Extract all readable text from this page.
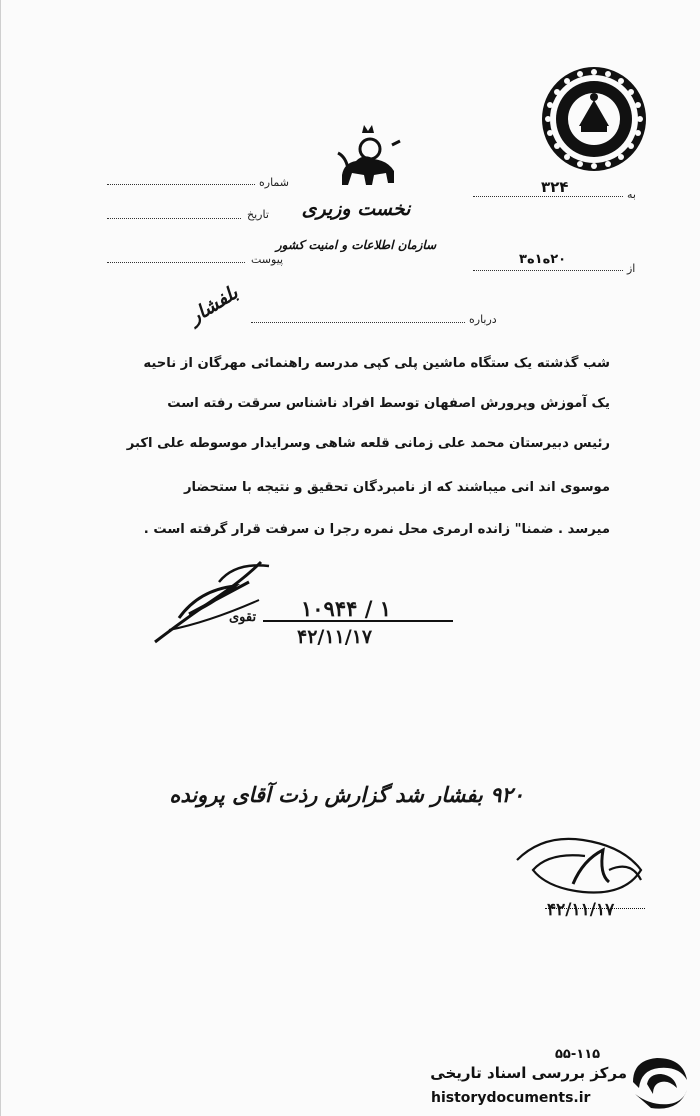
نخست وزیری
سازمان اطلاعات و امنیت کشور
شماره
تاریخ
پیوست
به
۳۲۴
از
۲۰ه۱ه۳
درباره
بلفشار
شب گذشته یک ستگاه ماشین پلی کپی مدرسه راهنمائی مهرگان از ناحیه
یک آموزش وپرورش اصفهان توسط افراد ناشناس سرقت رفته است
رئیس دبیرستان محمد علی زمانی قلعه شاهی وسرایدار موسوطه علی اکبر
موسوی اند انی میباشند که از نامبردگان تحقیق و نتیجه با ستحضار
میرسد . ضمنا" زانده ارمری محل نمره رجرا ن سرفت قرار گرفته است .
تقوی ۱۰۹۴۴ / ۱
۴۲/۱۱/۱۷
۹۲۰ بفشار شد گزارش رذت آقای پرونده
۴۲/۱۱/۱۷
۵۵-۱۱۵
مرکز بررسی اسناد تاریخی
historydocuments.ir
